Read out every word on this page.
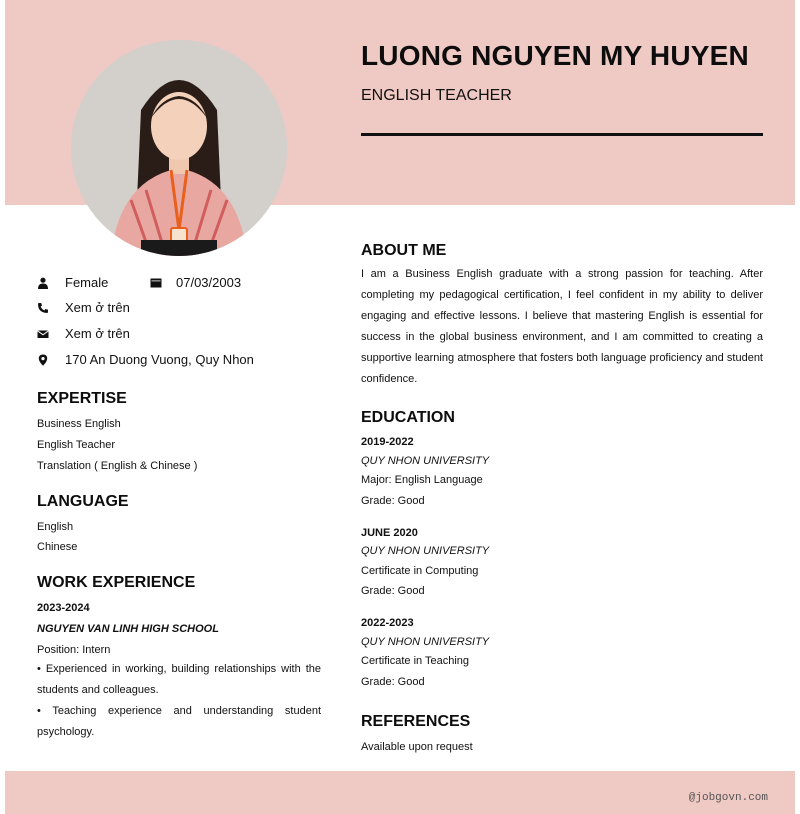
LUONG NGUYEN MY HUYEN
ENGLISH TEACHER
Female	07/03/2003
Xem ở trên
Xem ở trên
170 An Duong Vuong, Quy Nhon
EXPERTISE
Business English
English Teacher
Translation ( English & Chinese )
LANGUAGE
English
Chinese
WORK EXPERIENCE
2023-2024
NGUYEN VAN LINH HIGH SCHOOL
Position: Intern
• Experienced in working, building relationships with the students and colleagues.
• Teaching experience and understanding student psychology.
ABOUT ME
I am a Business English graduate with a strong passion for teaching. After completing my pedagogical certification, I feel confident in my ability to deliver engaging and effective lessons. I believe that mastering English is essential for success in the global business environment, and I am committed to creating a supportive learning atmosphere that fosters both language proficiency and student confidence.
EDUCATION
2019-2022
QUY NHON UNIVERSITY
Major: English Language
Grade: Good
JUNE 2020
QUY NHON UNIVERSITY
Certificate in Computing
Grade: Good
2022-2023
QUY NHON UNIVERSITY
Certificate in Teaching
Grade: Good
REFERENCES
Available upon request
@jobgovn.com
